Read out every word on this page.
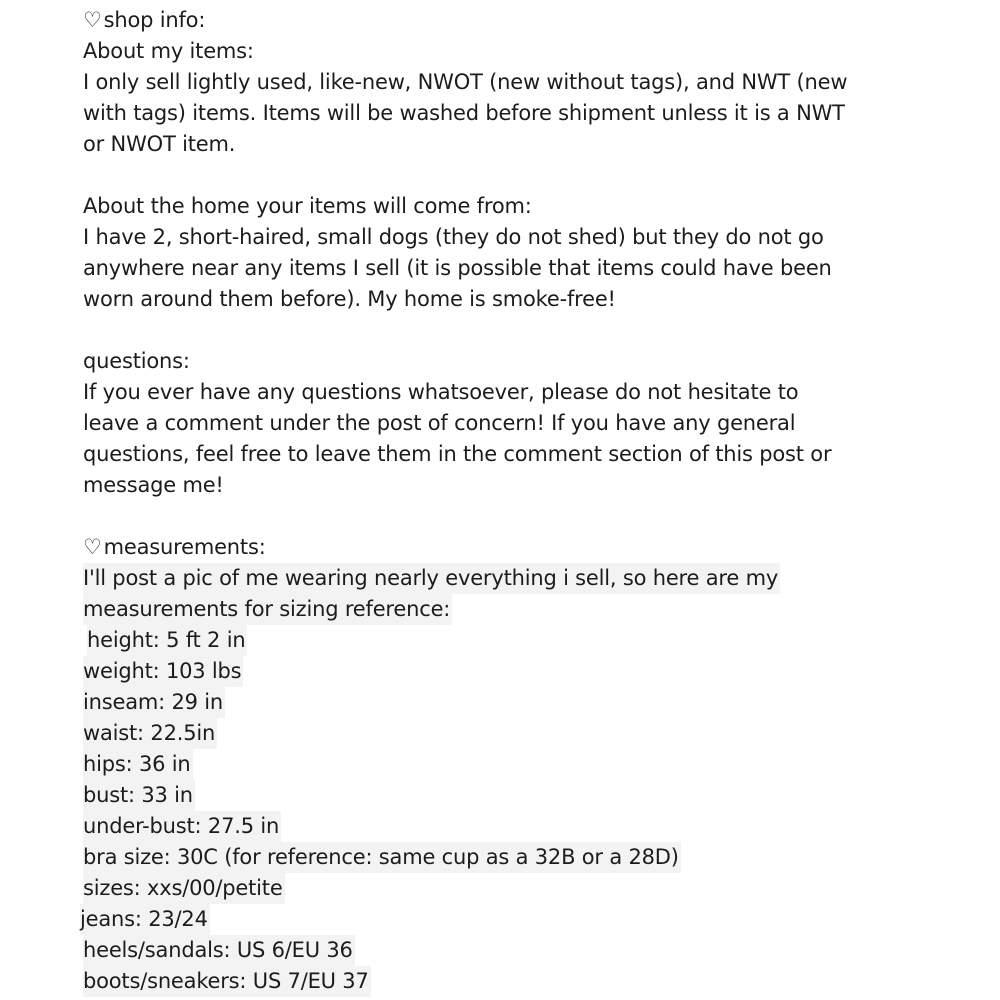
♡shop info:
About my items:
I only sell lightly used, like-new, NWOT (new without tags), and NWT (new
with tags) items. Items will be washed before shipment unless it is a NWT
or NWOT item.
About the home your items will come from:
I have 2, short-haired, small dogs (they do not shed) but they do not go
anywhere near any items I sell (it is possible that items could have been
worn around them before). My home is smoke-free!
questions:
If you ever have any questions whatsoever, please do not hesitate to
leave a comment under the post of concern! If you have any general
questions, feel free to leave them in the comment section of this post or
message me!
♡measurements:
I'll post a pic of me wearing nearly everything i sell, so here are my
measurements for sizing reference:
height: 5 ft 2 in
weight: 103 lbs
inseam: 29 in
waist: 22.5in
hips: 36 in
bust: 33 in
under-bust: 27.5 in
bra size: 30C (for reference: same cup as a 32B or a 28D)
sizes: xxs/00/petite
jeans: 23/24
heels/sandals: US 6/EU 36
boots/sneakers: US 7/EU 37
